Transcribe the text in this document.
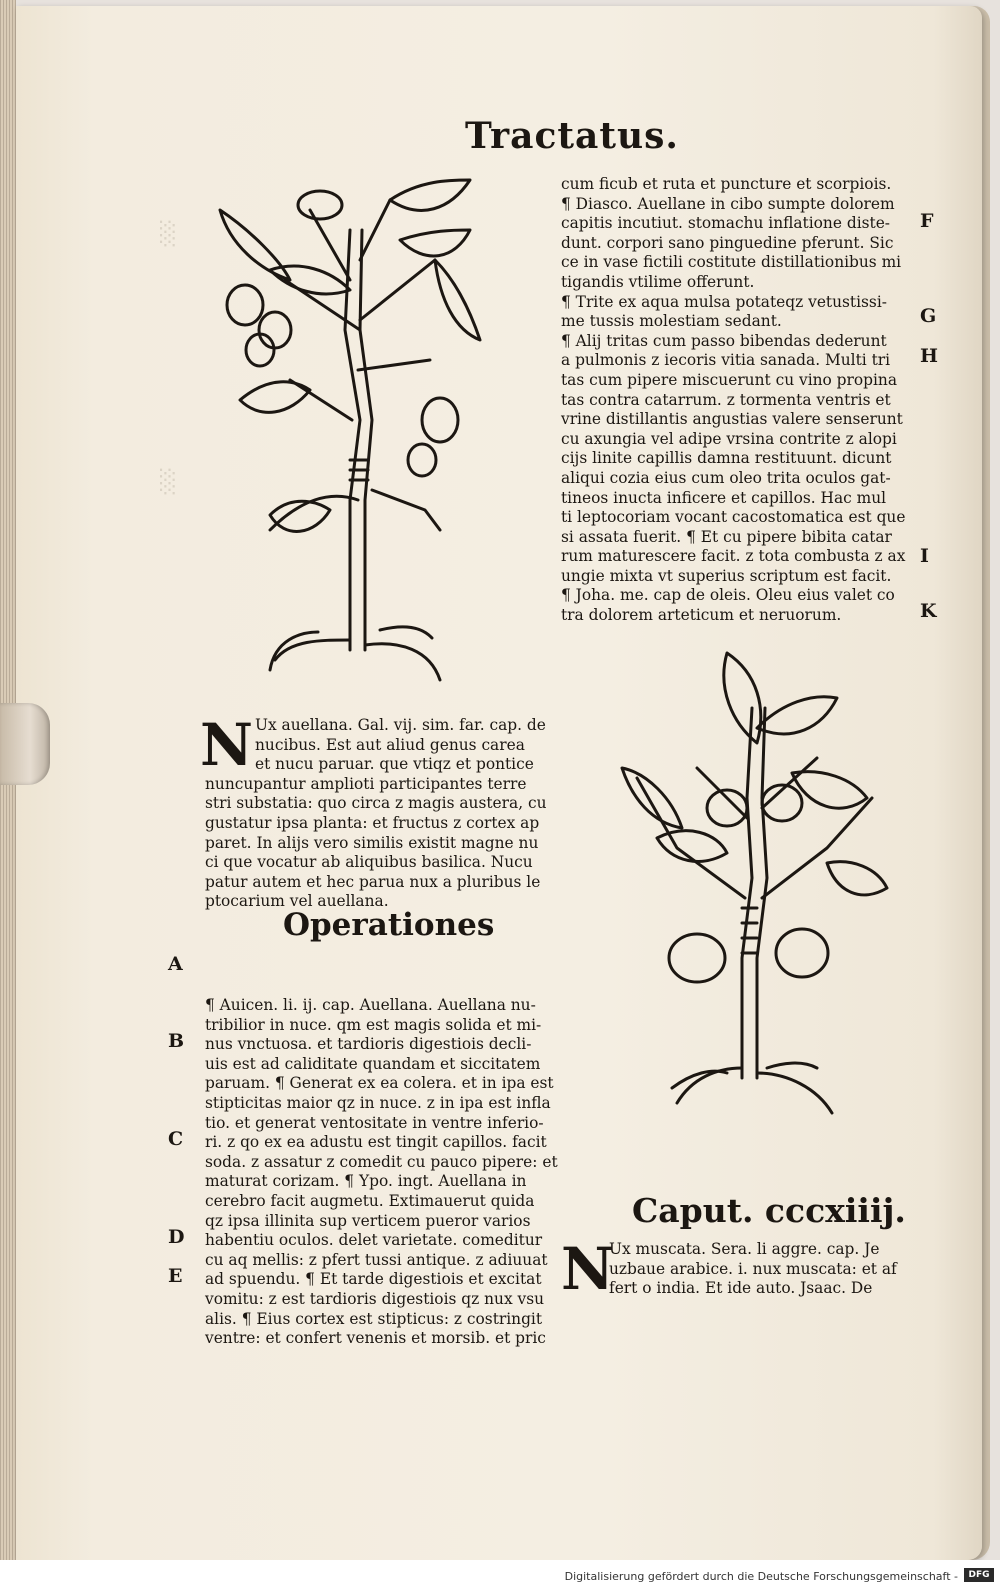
░
░
Tractatus.
N Ux auellana. Gal. vij. sim. far. cap. de
nucibus. Est aut aliud genus carea
et nucu paruar. que vtiqz et pontice
nuncupantur amplioti participantes terre
stri substatia: quo circa z magis austera, cu
gustatur ipsa planta: et fructus z cortex ap
paret. In alijs vero similis existit magne nu
ci que vocatur ab aliquibus basilica. Nucu
patur autem et hec parua nux a pluribus le
ptocarium vel auellana.
Operationes
¶ Auicen. li. ij. cap. Auellana. Auellana nu-
tribilior in nuce. qm est magis solida et mi-
nus vnctuosa. et tardioris digestiois decli-
uis est ad caliditate quandam et siccitatem
paruam. ¶ Generat ex ea colera. et in ipa est
stipticitas maior qz in nuce. z in ipa est infla
tio. et generat ventositate in ventre inferio-
ri. z qo ex ea adustu est tingit capillos. facit
soda. z assatur z comedit cu pauco pipere: et
maturat corizam. ¶ Ypo. ingt. Auellana in
cerebro facit augmetu. Extimauerut quida
qz ipsa illinita sup verticem pueror varios
habentiu oculos. delet varietate. comeditur
cu aq mellis: z pfert tussi antique. z adiuuat
ad spuendu. ¶ Et tarde digestiois et excitat
vomitu: z est tardioris digestiois qz nux vsu
alis. ¶ Eius cortex est stipticus: z costringit
ventre: et confert venenis et morsib. et pric
A
B
C
D
E
cum ficub et ruta et puncture et scorpiois.
¶ Diasco. Auellane in cibo sumpte dolorem
capitis incutiut. stomachu inflatione diste-
dunt. corpori sano pinguedine pferunt. Sic
ce in vase fictili costitute distillationibus mi
tigandis vtilime offerunt.
¶ Trite ex aqua mulsa potateqz vetustissi-
me tussis molestiam sedant.
¶ Alij tritas cum passo bibendas dederunt
a pulmonis z iecoris vitia sanada. Multi tri
tas cum pipere miscuerunt cu vino propina
tas contra catarrum. z tormenta ventris et
vrine distillantis angustias valere senserunt
cu axungia vel adipe vrsina contrite z alopi
cijs linite capillis damna restituunt. dicunt
aliqui cozia eius cum oleo trita oculos gat-
tineos inucta inficere et capillos. Hac mul
ti leptocoriam vocant cacostomatica est que
si assata fuerit. ¶ Et cu pipere bibita catar
rum maturescere facit. z tota combusta z ax
ungie mixta vt superius scriptum est facit.
¶ Joha. me. cap de oleis. Oleu eius valet co
tra dolorem arteticum et neruorum.
F
G
H
I
K
Caput. cccxiiij.
N
Ux muscata. Sera. li aggre. cap. Je
uzbaue arabice. i. nux muscata: et af
fert o india. Et ide auto. Jsaac. De
Digitalisierung gefördert durch die Deutsche Forschungsgemeinschaft -	DFG
